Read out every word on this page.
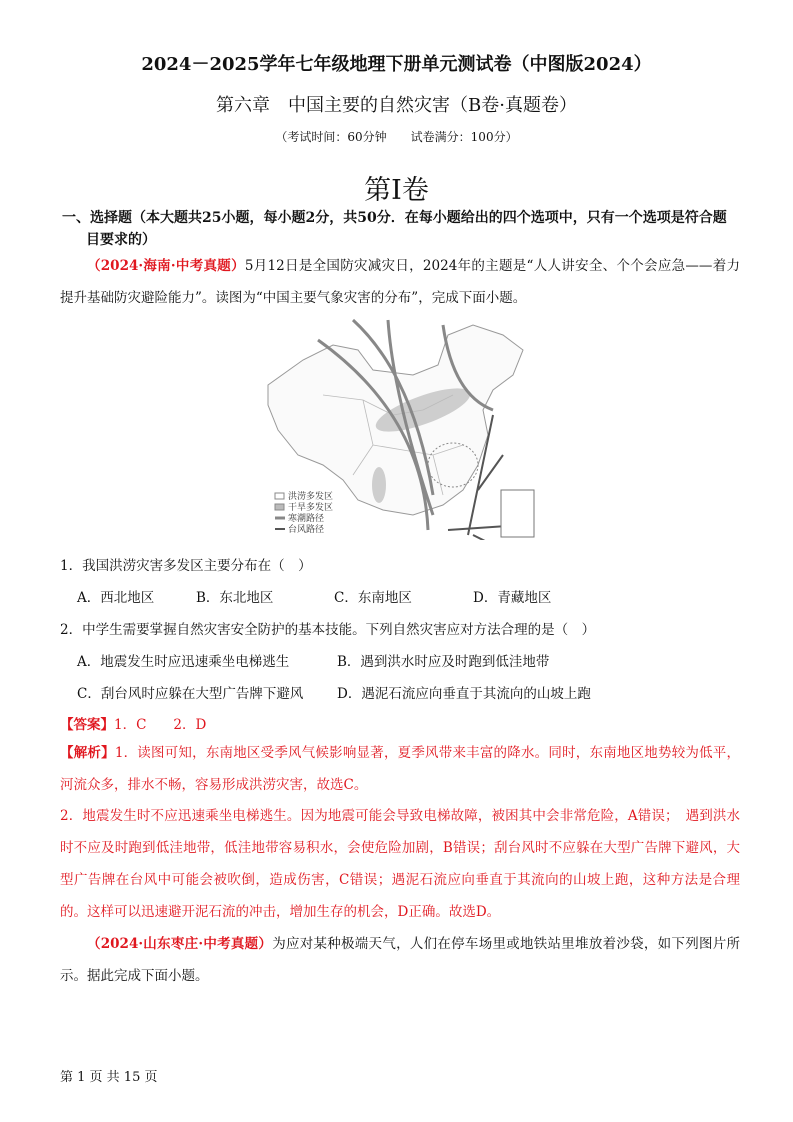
2024－2025学年七年级地理下册单元测试卷（中图版2024）
第六章　中国主要的自然灾害（B卷·真题卷）
（考试时间：60分钟　　试卷满分：100分）
第I卷
一、选择题（本大题共25小题，每小题2分，共50分．在每小题给出的四个选项中，只有一个选项是符合题
目要求的）
（2024·海南·中考真题）5月12日是全国防灾减灾日，2024年的主题是“人人讲安全、个个会应急——着力提升基础防灾避险能力”。读图为“中国主要气象灾害的分布”，完成下面小题。
洪涝多发区
干旱多发区
寒潮路径
台风路径
1．我国洪涝灾害多发区主要分布在（　）
A．西北地区	B．东北地区	C．东南地区	D．青藏地区
2．中学生需要掌握自然灾害安全防护的基本技能。下列自然灾害应对方法合理的是（　）
A．地震发生时应迅速乘坐电梯逃生	B．遇到洪水时应及时跑到低洼地带
C．刮台风时应躲在大型广告牌下避风 D．遇泥石流应向垂直于其流向的山坡上跑
【答案】1．C　　2．D
【解析】1．读图可知，东南地区受季风气候影响显著，夏季风带来丰富的降水。同时，东南地区地势较为低平，河流众多，排水不畅，容易形成洪涝灾害，故选C。
2．地震发生时不应迅速乘坐电梯逃生。因为地震可能会导致电梯故障，被困其中会非常危险，A错误；　遇到洪水时不应及时跑到低洼地带，低洼地带容易积水，会使危险加剧，B错误；刮台风时不应躲在大型广告牌下避风，大型广告牌在台风中可能会被吹倒，造成伤害，C错误；遇泥石流应向垂直于其流向的山坡上跑，这种方法是合理的。这样可以迅速避开泥石流的冲击，增加生存的机会，D正确。故选D。
（2024·山东枣庄·中考真题）为应对某种极端天气，人们在停车场里或地铁站里堆放着沙袋，如下列图片所示。据此完成下面小题。
第 1 页 共 15 页
